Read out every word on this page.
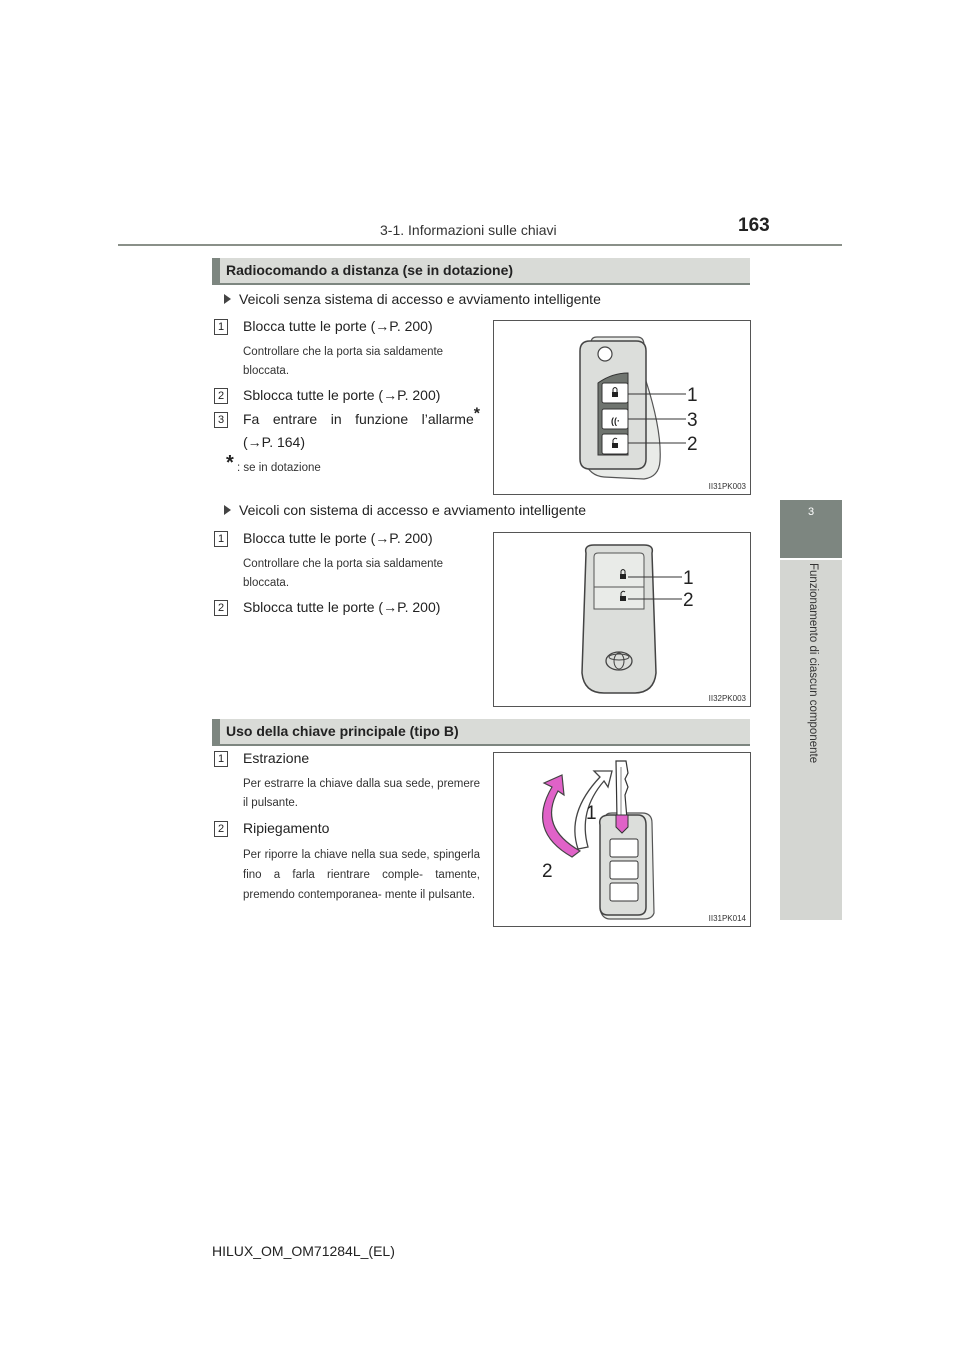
3-1. Informazioni sulle chiavi	163
3
Funzionamento di ciascun componente
Radiocomando a distanza (se in dotazione)
Veicoli senza sistema di accesso e avviamento intelligente
1 Blocca tutte le porte (→P. 200)
Controllare che la porta sia saldamente bloccata.
2 Sblocca tutte le porte (→P. 200)
3 Fa entrare in funzione l’allarme*
(→P. 164)
* : se in dotazione
((·
1
3
2
II31PK003
Veicoli con sistema di accesso e avviamento intelligente
1 Blocca tutte le porte (→P. 200)
Controllare che la porta sia saldamente bloccata.
2 Sblocca tutte le porte (→P. 200)
1
2
II32PK003
Uso della chiave principale (tipo B)
1 Estrazione
Per estrarre la chiave dalla sua sede, premere il pulsante.
2 Ripiegamento
Per riporre la chiave nella sua sede, spingerla fino a farla rientrare comple- tamente, premendo contemporanea- mente il pulsante.
1
2
II31PK014
HILUX_OM_OM71284L_(EL)
